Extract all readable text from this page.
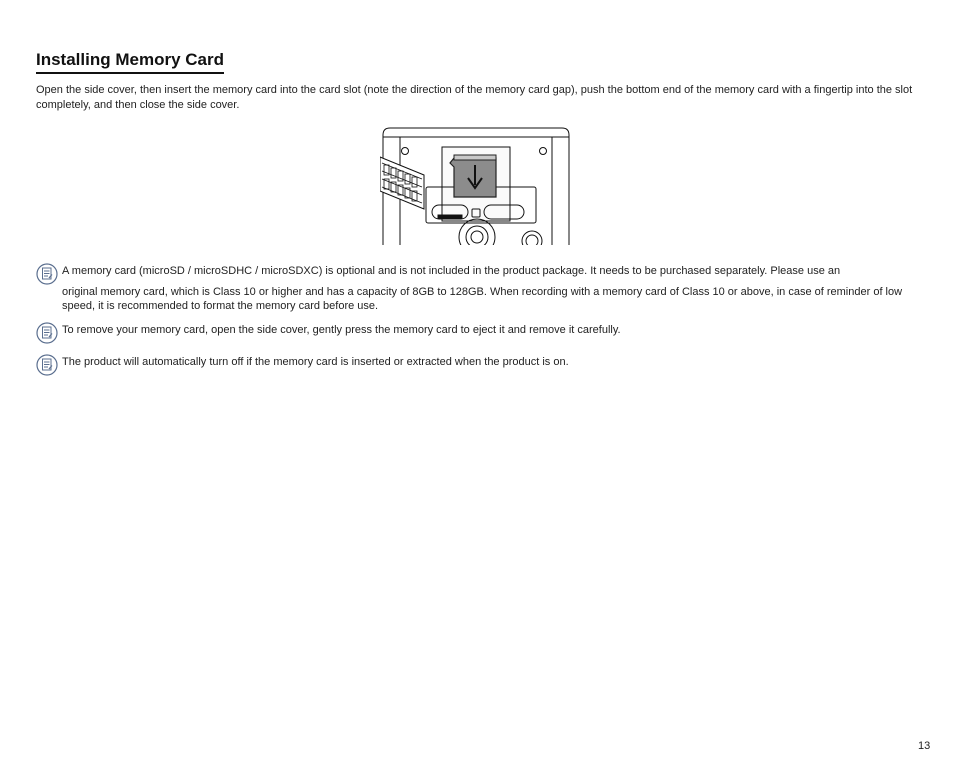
Installing Memory Card

Open the side cover, then insert the memory card into the card slot (note the direction of the memory card gap), push the bottom end of the memory card with a fingertip into the slot completely, and then close the side cover.

A memory card (microSD / microSDHC / microSDXC) is optional and is not included in the product package. It needs to be purchased separately. Please use an
original memory card, which is Class 10 or higher and has a capacity of 8GB to 128GB. When recording with a memory card of Class 10 or above, in case of reminder of low speed, it is recommended to format the memory card before use.
To remove your memory card, open the side cover, gently press the memory card to eject it and remove it carefully.
The product will automatically turn off if the memory card is inserted or extracted when the product is on.
13
